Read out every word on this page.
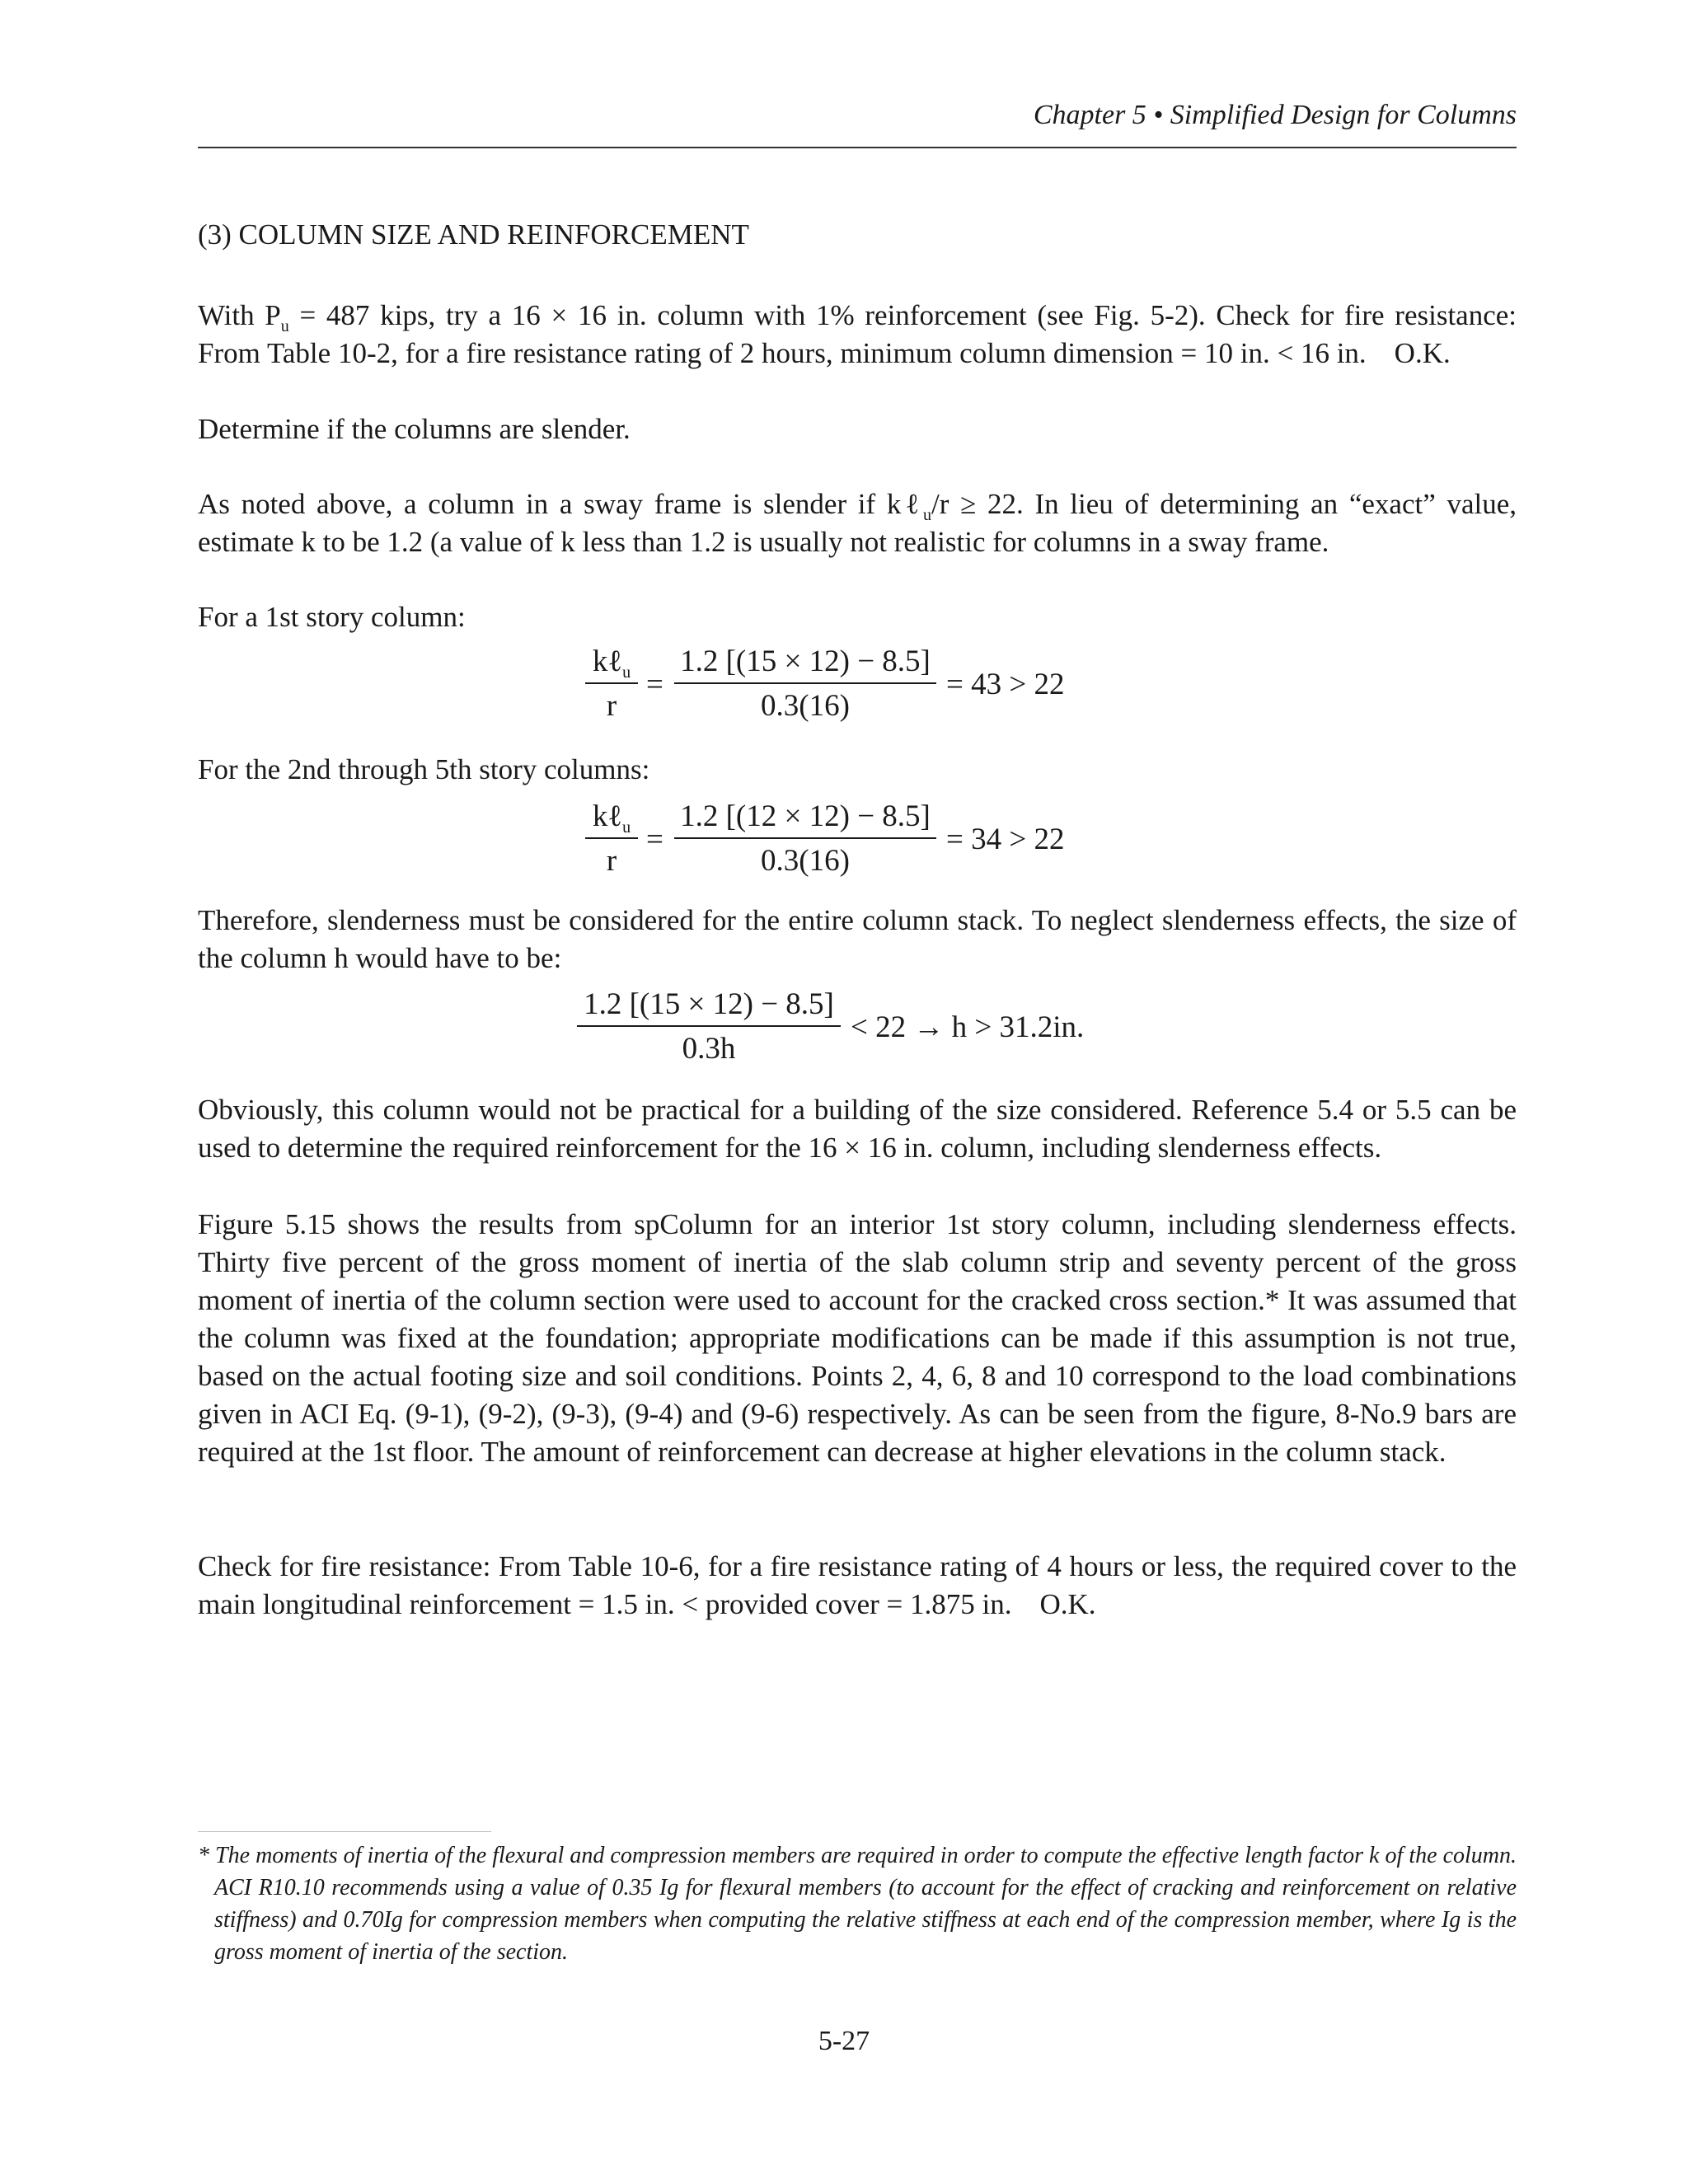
Chapter 5 • Simplified Design for Columns
(3) COLUMN SIZE AND REINFORCEMENT
With $P_u = 487$ kips, try a 16 × 16 in. column with 1% reinforcement (see Fig. 5-2). Check for fire resistance: From Table 10-2, for a fire resistance rating of 2 hours, minimum column dimension = 10 in. < 16 in. O.K.
Determine if the columns are slender.
As noted above, a column in a sway frame is slender if kℓ$_u$/r ≥ 22. In lieu of determining an “exact” value, estimate k to be 1.2 (a value of k less than 1.2 is usually not realistic for columns in a sway frame.
For a 1st story column:
kℓ$_u$
r
= $\frac{1.2 [(15 \times 12) - 8.5]}{0.3(16)} = 43 > 22$
For the 2nd through 5th story columns:
kℓ$_u$
r
= $\frac{1.2 [(12 \times 12) - 8.5]}{0.3(16)} = 34 > 22$
Therefore, slenderness must be considered for the entire column stack. To neglect slenderness effects, the size of the column h would have to be:
$\frac{1.2 [(15 \times 12) - 8.5]}{0.3h} < 22 \to h > 31.2in$.
Obviously, this column would not be practical for a building of the size considered. Reference 5.4 or 5.5 can be used to determine the required reinforcement for the 16 × 16 in. column, including slenderness effects.
Figure 5.15 shows the results from spColumn for an interior 1st story column, including slenderness effects. Thirty five percent of the gross moment of inertia of the slab column strip and seventy percent of the gross moment of inertia of the column section were used to account for the cracked cross section.* It was assumed that the column was fixed at the foundation; appropriate modifications can be made if this assumption is not true, based on the actual footing size and soil conditions. Points 2, 4, 6, 8 and 10 correspond to the load combinations given in ACI Eq. (9-1), (9-2), (9-3), (9-4) and (9-6) respectively. As can be seen from the figure, 8-No.9 bars are required at the 1st floor. The amount of reinforcement can decrease at higher elevations in the column stack.
Check for fire resistance: From Table 10-6, for a fire resistance rating of 4 hours or less, the required cover to the main longitudinal reinforcement = 1.5 in. < provided cover = 1.875 in. O.K.
* The moments of inertia of the flexural and compression members are required in order to compute the effective length factor k of the column. ACI R10.10 recommends using a value of 0.35 Ig for flexural members (to account for the effect of cracking and reinforcement on relative stiffness) and 0.70Ig for compression members when computing the relative stiffness at each end of the compression member, where Ig is the gross moment of inertia of the section.
5-27
